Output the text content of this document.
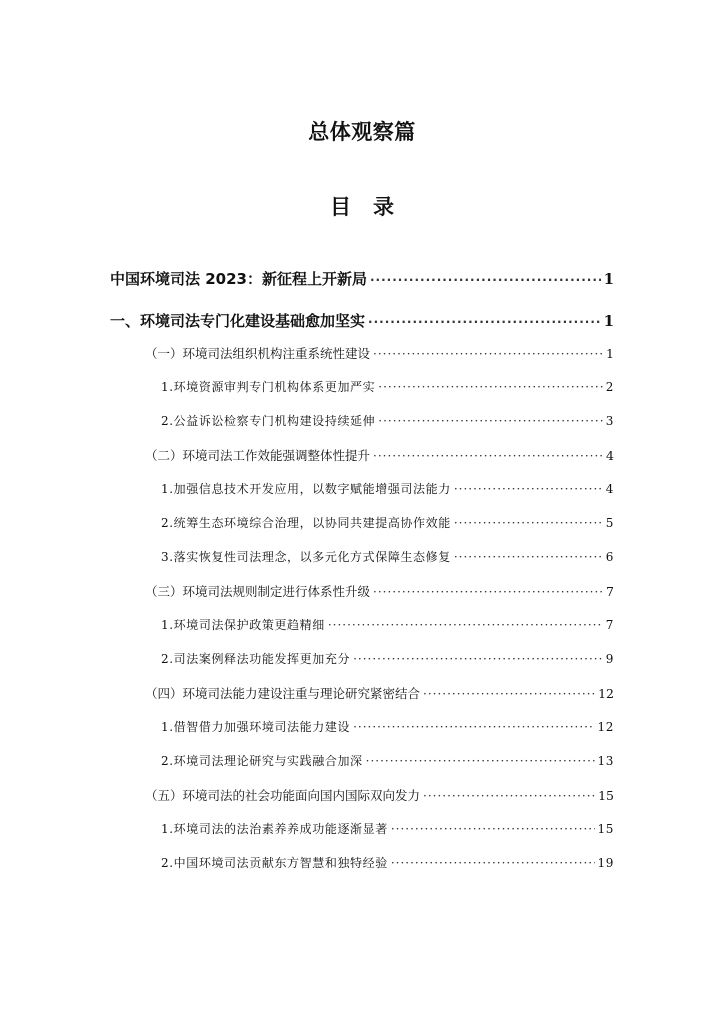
总体观察篇
目录
中国环境司法 2023：新征程上开新局 ·····	1
一、环境司法专门化建设基础愈加坚实 ·····	1
（一）环境司法组织机构注重系统性建设 ·····	1
1.环境资源审判专门机构体系更加严实 ·····	2
2.公益诉讼检察专门机构建设持续延伸 ·····	3
（二）环境司法工作效能强调整体性提升 ·····	4
1.加强信息技术开发应用，以数字赋能增强司法能力 ·····	4
2.统筹生态环境综合治理，以协同共建提高协作效能 ·····	5
3.落实恢复性司法理念，以多元化方式保障生态修复 ·····	6
（三）环境司法规则制定进行体系性升级 ·····	7
1.环境司法保护政策更趋精细 ·····	7
2.司法案例释法功能发挥更加充分 ·····	9
（四）环境司法能力建设注重与理论研究紧密结合 ·····	12
1.借智借力加强环境司法能力建设 ·····	12
2.环境司法理论研究与实践融合加深 ·····	13
（五）环境司法的社会功能面向国内国际双向发力 ·····	15
1.环境司法的法治素养养成功能逐渐显著 ·····	15
2.中国环境司法贡献东方智慧和独特经验 ·····	19
